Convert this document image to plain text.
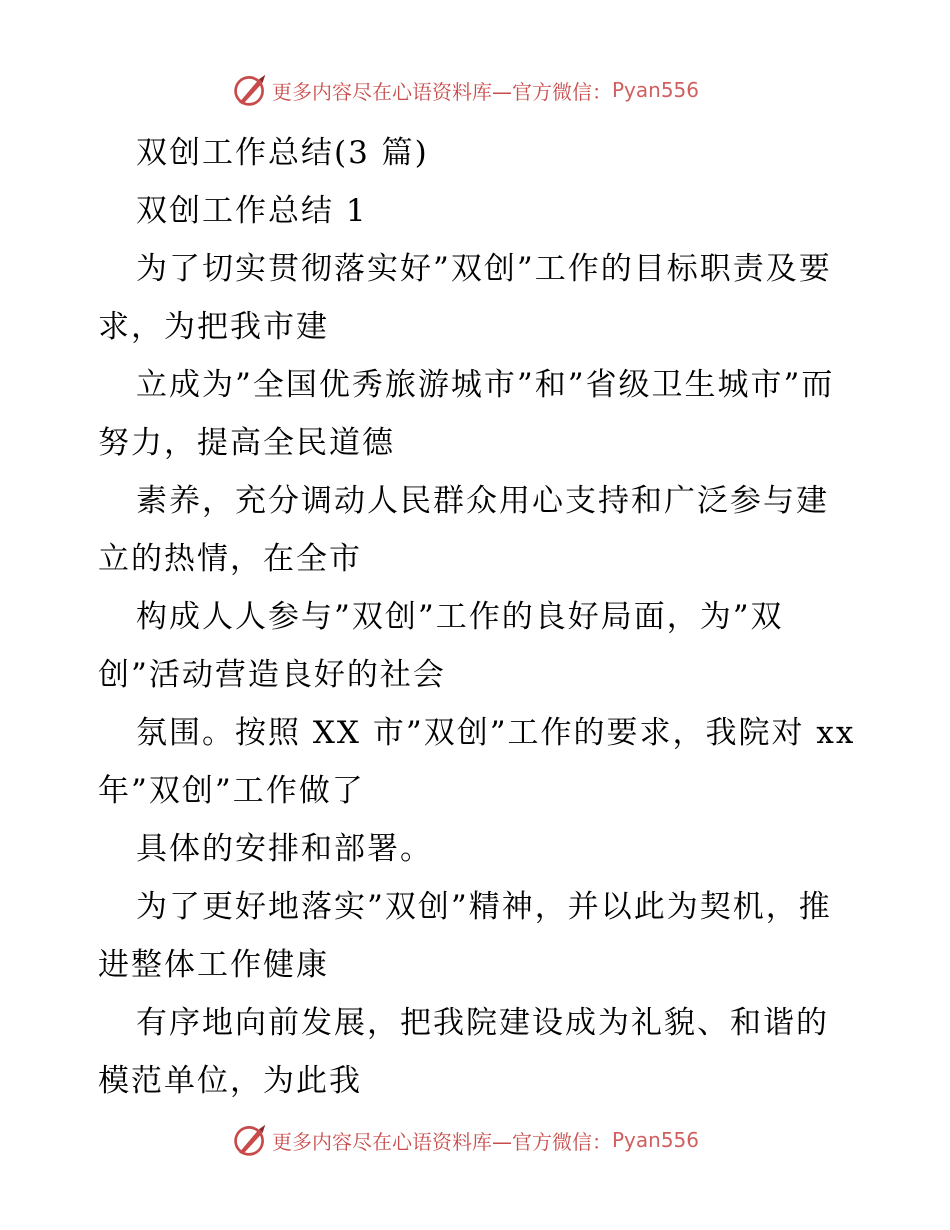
更多内容尽在心语资料库—官方微信： Pyan556

双创工作总结(3 篇)

双创工作总结 1

为了切实贯彻落实好”双创”工作的目标职责及要求，为把我市建

立成为”全国优秀旅游城市”和”省级卫生城市”而努力，提高全民道德

素养，充分调动人民群众用心支持和广泛参与建立的热情，在全市

构成人人参与”双创”工作的良好局面，为”双创”活动营造良好的社会

氛围。按照 XX 市”双创”工作的要求，我院对 xx 年”双创”工作做了

具体的安排和部署。

为了更好地落实”双创”精神，并以此为契机，推进整体工作健康

有序地向前发展，把我院建设成为礼貌、和谐的模范单位，为此我

更多内容尽在心语资料库—官方微信： Pyan556
